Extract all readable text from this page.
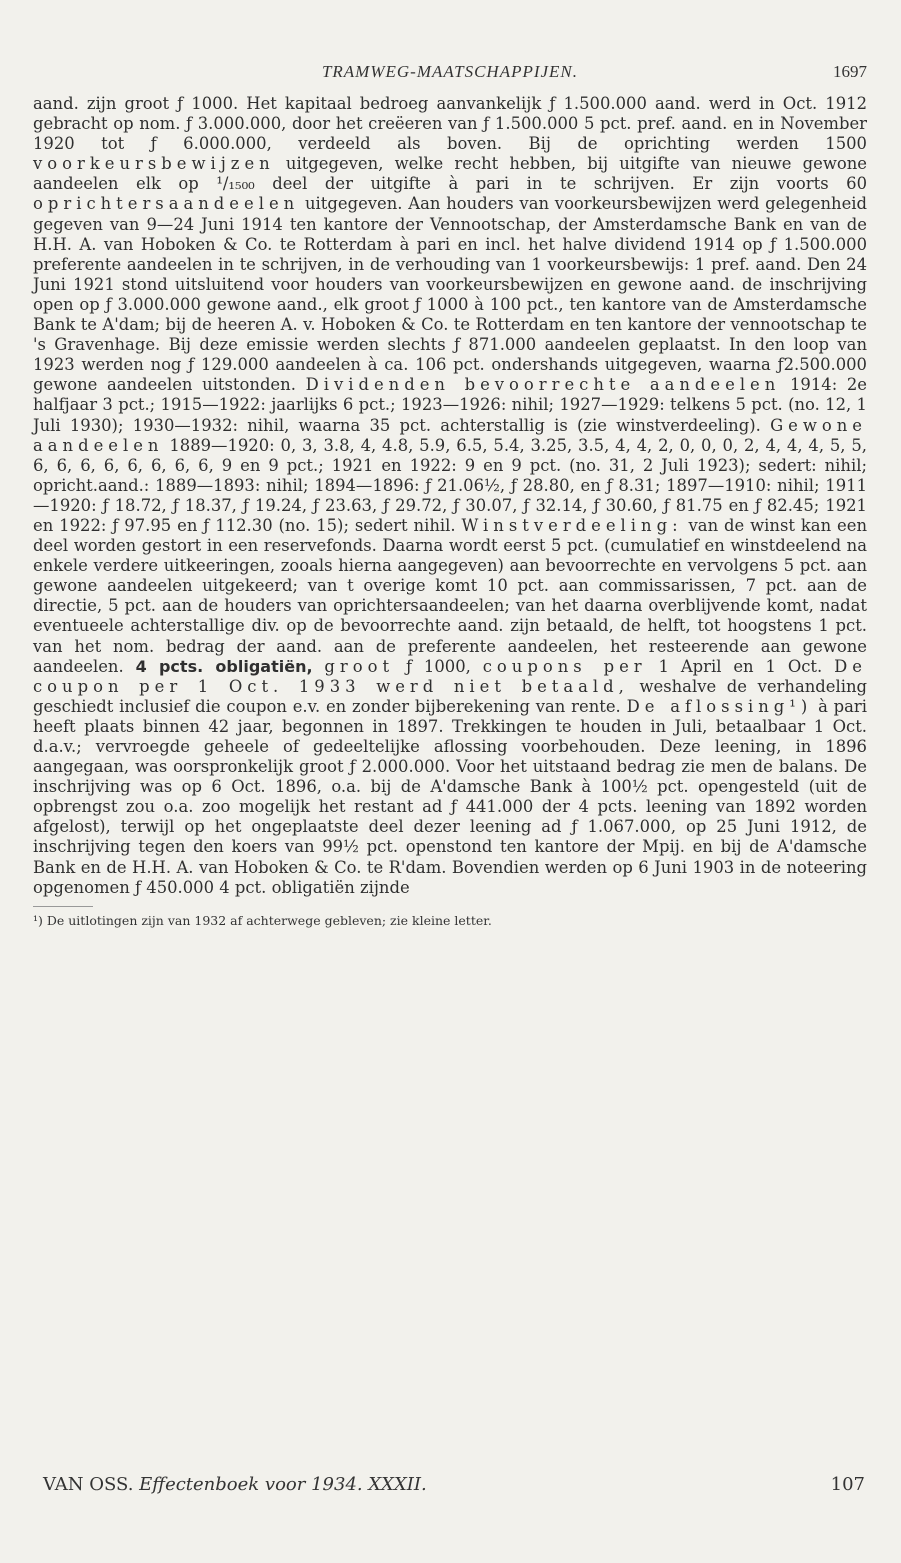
TRAMWEG-MAATSCHAPPIJEN.	1697
aand. zijn groot ƒ 1000. Het kapitaal bedroeg aanvankelijk ƒ 1.500.000 aand. werd in Oct. 1912 gebracht op nom. ƒ 3.000.000, door het creëeren van ƒ 1.500.000 5 pct. pref. aand. en in November 1920 tot ƒ 6.000.000, verdeeld als boven. Bij de oprichting werden 1500 voorkeursbewijzen uitgegeven, welke recht hebben, bij uitgifte van nieuwe gewone aandeelen elk op ¹/₁₅₀₀ deel der uitgifte à pari in te schrijven. Er zijn voorts 60 oprichtersaandeelen uitgegeven. Aan houders van voorkeursbewijzen werd gelegenheid gegeven van 9—24 Juni 1914 ten kantore der Vennootschap, der Amsterdamsche Bank en van de H.H. A. van Hoboken & Co. te Rotterdam à pari en incl. het halve dividend 1914 op ƒ 1.500.000 preferente aandeelen in te schrijven, in de verhouding van 1 voorkeursbewijs: 1 pref. aand. Den 24 Juni 1921 stond uitsluitend voor houders van voorkeursbewijzen en gewone aand. de inschrijving open op ƒ 3.000.000 gewone aand., elk groot ƒ 1000 à 100 pct., ten kantore van de Amsterdamsche Bank te A'dam; bij de heeren A. v. Hoboken & Co. te Rotterdam en ten kantore der vennootschap te 's Gravenhage. Bij deze emissie werden slechts ƒ 871.000 aandeelen geplaatst. In den loop van 1923 werden nog ƒ 129.000 aandeelen à ca. 106 pct. ondershands uitgegeven, waarna ƒ2.500.000 gewone aandeelen uitstonden. Dividenden bevoorrechte aandeelen 1914: 2e halfjaar 3 pct.; 1915—1922: jaarlijks 6 pct.; 1923—1926: nihil; 1927—1929: telkens 5 pct. (no. 12, 1 Juli 1930); 1930—1932: nihil, waarna 35 pct. achterstallig is (zie winstverdeeling). Gewone aandeelen 1889—1920: 0, 3, 3.8, 4, 4.8, 5.9, 6.5, 5.4, 3.25, 3.5, 4, 4, 2, 0, 0, 0, 2, 4, 4, 4, 5, 5, 6, 6, 6, 6, 6, 6, 6, 6, 9 en 9 pct.; 1921 en 1922: 9 en 9 pct. (no. 31, 2 Juli 1923); sedert: nihil; opricht.aand.: 1889—1893: nihil; 1894—1896: ƒ 21.06½, ƒ 28.80, en ƒ 8.31; 1897—1910: nihil; 1911—1920: ƒ 18.72, ƒ 18.37, ƒ 19.24, ƒ 23.63, ƒ 29.72, ƒ 30.07, ƒ 32.14, ƒ 30.60, ƒ 81.75 en ƒ 82.45; 1921 en 1922: ƒ 97.95 en ƒ 112.30 (no. 15); sedert nihil. Winstverdeeling: van de winst kan een deel worden gestort in een reservefonds. Daarna wordt eerst 5 pct. (cumulatief en winstdeelend na enkele verdere uitkeeringen, zooals hierna aangegeven) aan bevoorrechte en vervolgens 5 pct. aan gewone aandeelen uitgekeerd; van t overige komt 10 pct. aan commissarissen, 7 pct. aan de directie, 5 pct. aan de houders van oprichtersaandeelen; van het daarna overblijvende komt, nadat eventueele achterstallige div. op de bevoorrechte aand. zijn betaald, de helft, tot hoogstens 1 pct. van het nom. bedrag der aand. aan de preferente aandeelen, het resteerende aan gewone aandeelen. 4 pcts. obligatiën, groot ƒ 1000, coupons per 1 April en 1 Oct. De coupon per 1 Oct. 1933 werd niet betaald, weshalve de verhandeling geschiedt inclusief die coupon e.v. en zonder bijberekening van rente. De aflossing¹) à pari heeft plaats binnen 42 jaar, begonnen in 1897. Trekkingen te houden in Juli, betaalbaar 1 Oct. d.a.v.; vervroegde geheele of gedeeltelijke aflossing voorbehouden. Deze leening, in 1896 aangegaan, was oorspronkelijk groot ƒ 2.000.000. Voor het uitstaand bedrag zie men de balans. De inschrijving was op 6 Oct. 1896, o.a. bij de A'damsche Bank à 100½ pct. opengesteld (uit de opbrengst zou o.a. zoo mogelijk het restant ad ƒ 441.000 der 4 pcts. leening van 1892 worden afgelost), terwijl op het ongeplaatste deel dezer leening ad ƒ 1.067.000, op 25 Juni 1912, de inschrijving tegen den koers van 99½ pct. openstond ten kantore der Mpij. en bij de A'damsche Bank en de H.H. A. van Hoboken & Co. te R'dam. Bovendien werden op 6 Juni 1903 in de noteering opgenomen ƒ 450.000 4 pct. obligatiën zijnde
¹) De uitlotingen zijn van 1932 af achterwege gebleven; zie kleine letter.
VAN OSS. Effectenboek voor 1934. XXXII.	107
